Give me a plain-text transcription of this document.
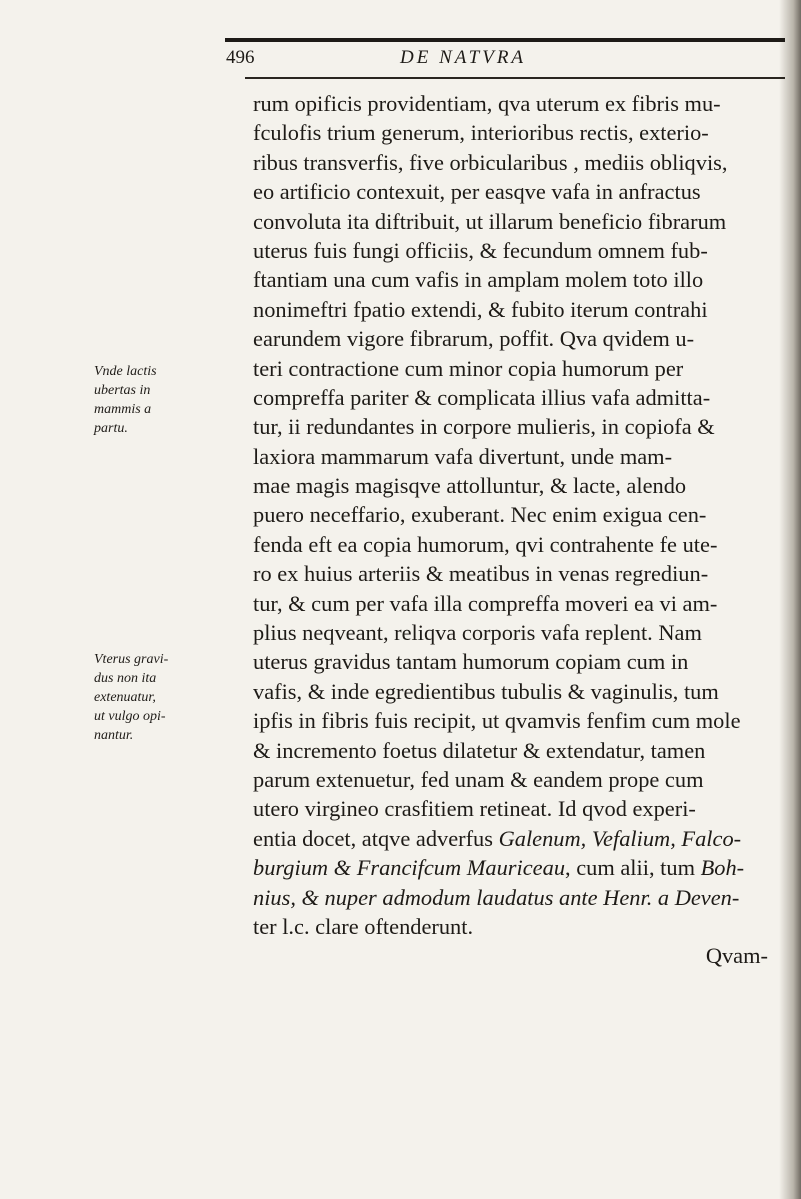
496	DE NATVRA
Vnde lactis
ubertas in
mammis a
partu.
Vterus gravi-
dus non ita
extenuatur,
ut vulgo opi-
nantur.
rum opificis providentiam, qva uterum ex fibris mu-
fculofis trium generum, interioribus rectis, exterio-
ribus transverfis, five orbicularibus , mediis obliqvis,
eo artificio contexuit, per easqve vafa in anfractus
convoluta ita diftribuit, ut illarum beneficio fibrarum
uterus fuis fungi officiis, & fecundum omnem fub-
ftantiam una cum vafis in amplam molem toto illo
nonimeftri fpatio extendi, & fubito iterum contrahi
earundem vigore fibrarum, poffit. Qva qvidem u-
teri contractione cum minor copia humorum per
compreffa pariter & complicata illius vafa admitta-
tur, ii redundantes in corpore mulieris, in copiofa &
laxiora mammarum vafa divertunt, unde mam-
mae magis magisqve attolluntur, & lacte, alendo
puero neceffario, exuberant. Nec enim exigua cen-
fenda eft ea copia humorum, qvi contrahente fe ute-
ro ex huius arteriis & meatibus in venas regrediun-
tur, & cum per vafa illa compreffa moveri ea vi am-
plius neqveant, reliqva corporis vafa replent. Nam
uterus gravidus tantam humorum copiam cum in
vafis, & inde egredientibus tubulis & vaginulis, tum
ipfis in fibris fuis recipit, ut qvamvis fenfim cum mole
& incremento foetus dilatetur & extendatur, tamen
parum extenuetur, fed unam & eandem prope cum
utero virgineo crasfitiem retineat. Id qvod experi-
entia docet, atqve adverfus Galenum, Vefalium, Falco-
burgium & Francifcum Mauriceau, cum alii, tum Boh-
nius, & nuper admodum laudatus ante Henr. a Deven-
ter l.c. clare oftenderunt.
Qvam-
